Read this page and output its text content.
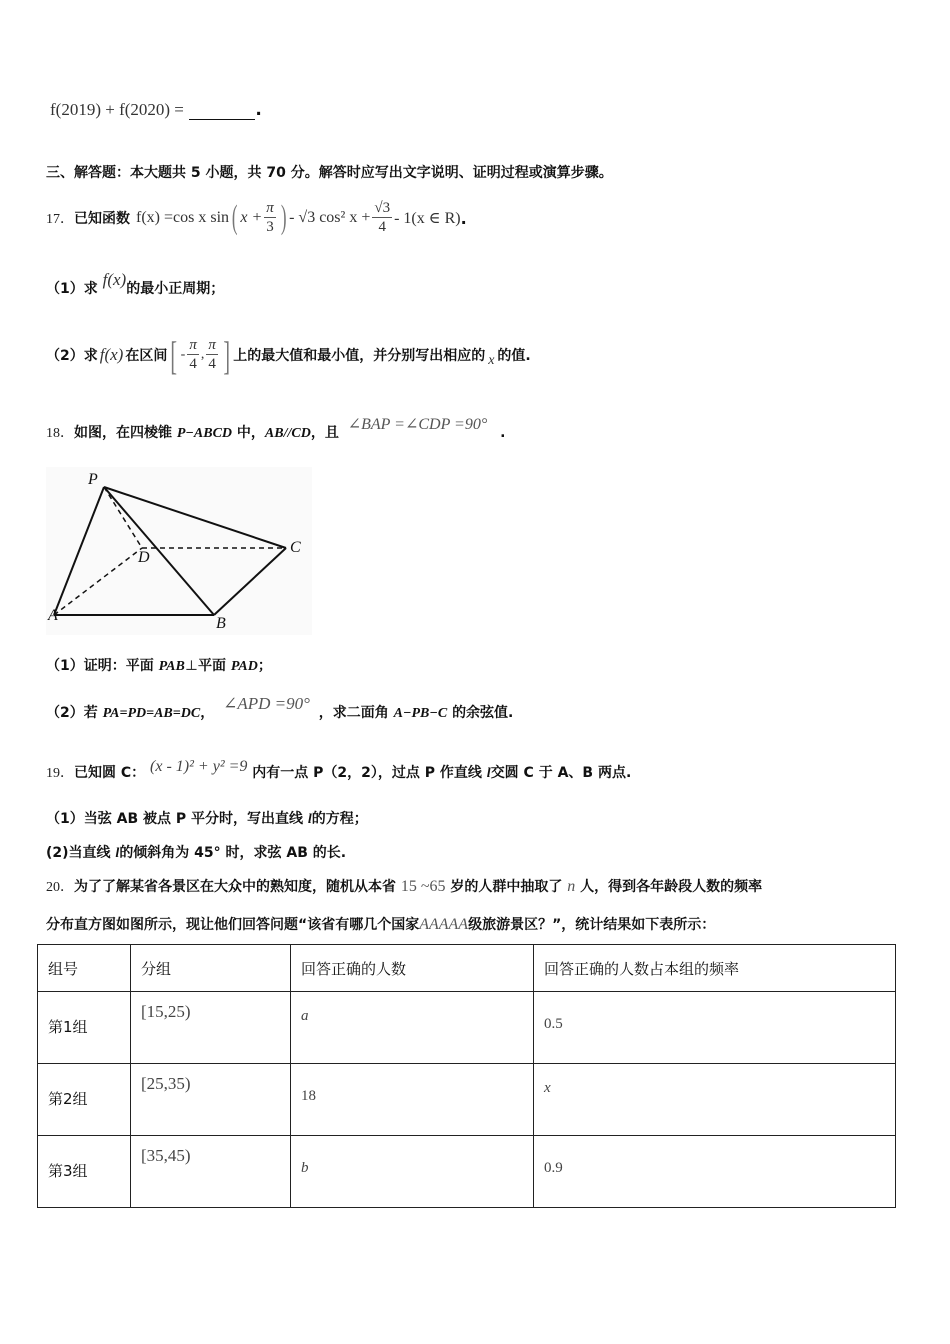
f(2019) + f(2020) =	.
三、解答题：本大题共 5 小题，共 70 分。解答时应写出文字说明、证明过程或演算步骤。
17． 已知函数 f(x) =cos x sin ( $x + \frac{\pi}{3}$ ) - √3 cos² $x + \frac{√3}{4} - 1(x$ ∈ R) .
（1）求 f(x)的最小正周期；
（2）求 f(x) 在区间 [ - $\frac{\pi}{4}$ , $\frac{\pi}{4}$ ] 上的最大值和最小值，并分别写出相应的 x 的值.
18．如图，在四棱锥 P−ABCD 中，AB//CD，且 ∠BAP =∠CDP =90° .
P
D
C
A	B
（1）证明：平面 PAB⊥平面 PAD；
（2）若 PA=PD=AB=DC， ∠APD =90° ，求二面角 A−PB−C 的余弦值.
19．已知圆 C： (x - 1)² + y² =9 内有一点 P（2，2），过点 P 作直线 l交圆 C 于 A、B 两点.
（1）当弦 AB 被点 P 平分时，写出直线 l的方程；
(2)当直线 l的倾斜角为 45° 时，求弦 AB 的长.
20．为了了解某省各景区在大众中的熟知度，随机从本省 15 ~65 岁的人群中抽取了 n 人，得到各年龄段人数的频率
分布直方图如图所示，现让他们回答问题“该省有哪几个国家AAAAA级旅游景区？”，统计结果如下表所示：
组号	分组	回答正确的人数	回答正确的人数占本组的频率

第1组	[15,25)	a	0.5

第2组	[25,35)	18	x

第3组	[35,45)	b	0.9
